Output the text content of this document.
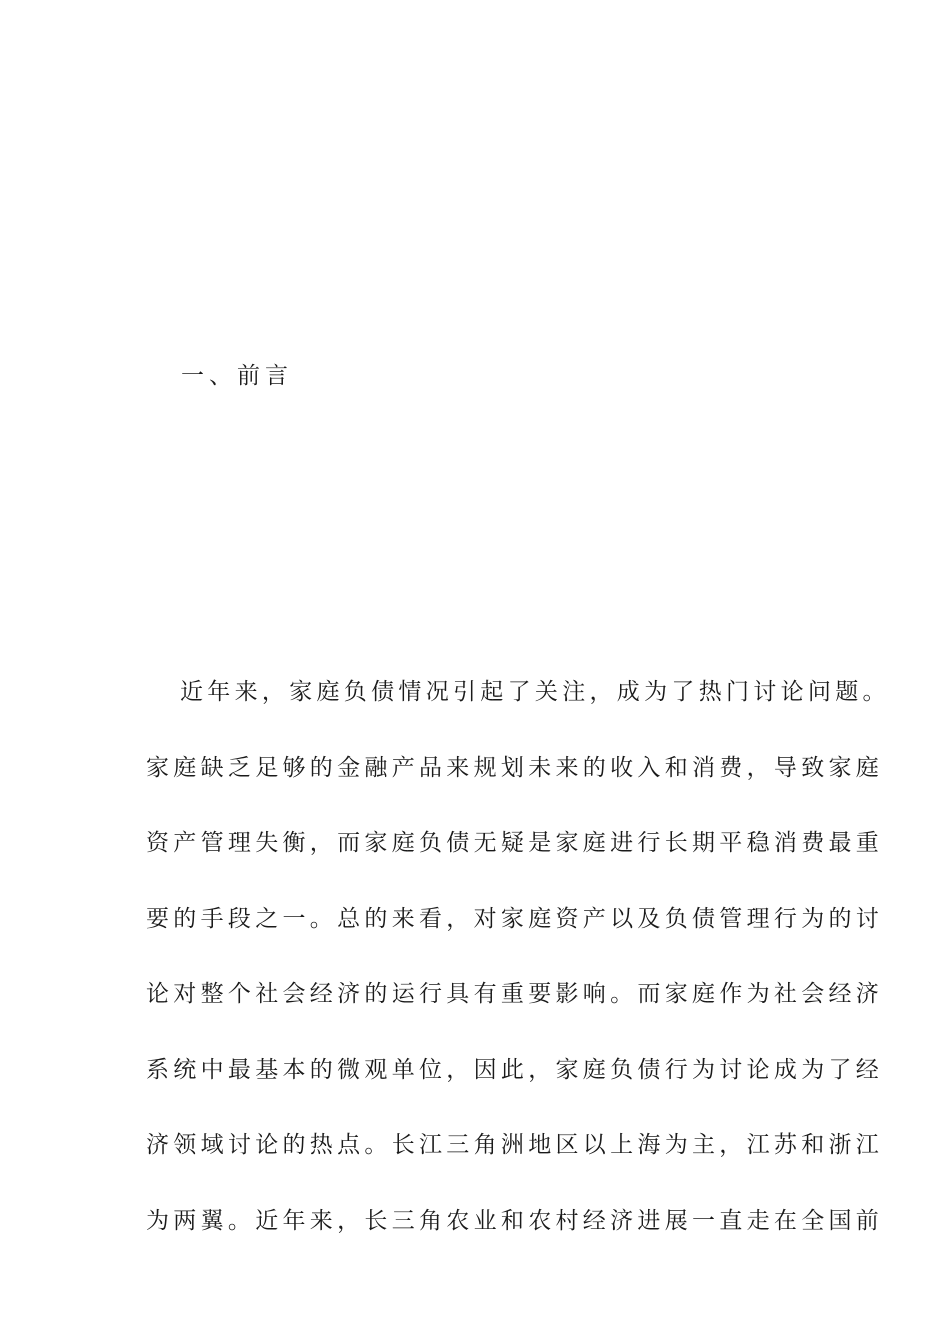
一、前言
近年来，家庭负债情况引起了关注，成为了热门讨论问题。
家庭缺乏足够的金融产品来规划未来的收入和消费，导致家庭
资产管理失衡，而家庭负债无疑是家庭进行长期平稳消费最重
要的手段之一。总的来看，对家庭资产以及负债管理行为的讨
论对整个社会经济的运行具有重要影响。而家庭作为社会经济
系统中最基本的微观单位，因此，家庭负债行为讨论成为了经
济领域讨论的热点。长江三角洲地区以上海为主，江苏和浙江
为两翼。近年来，长三角农业和农村经济进展一直走在全国前
